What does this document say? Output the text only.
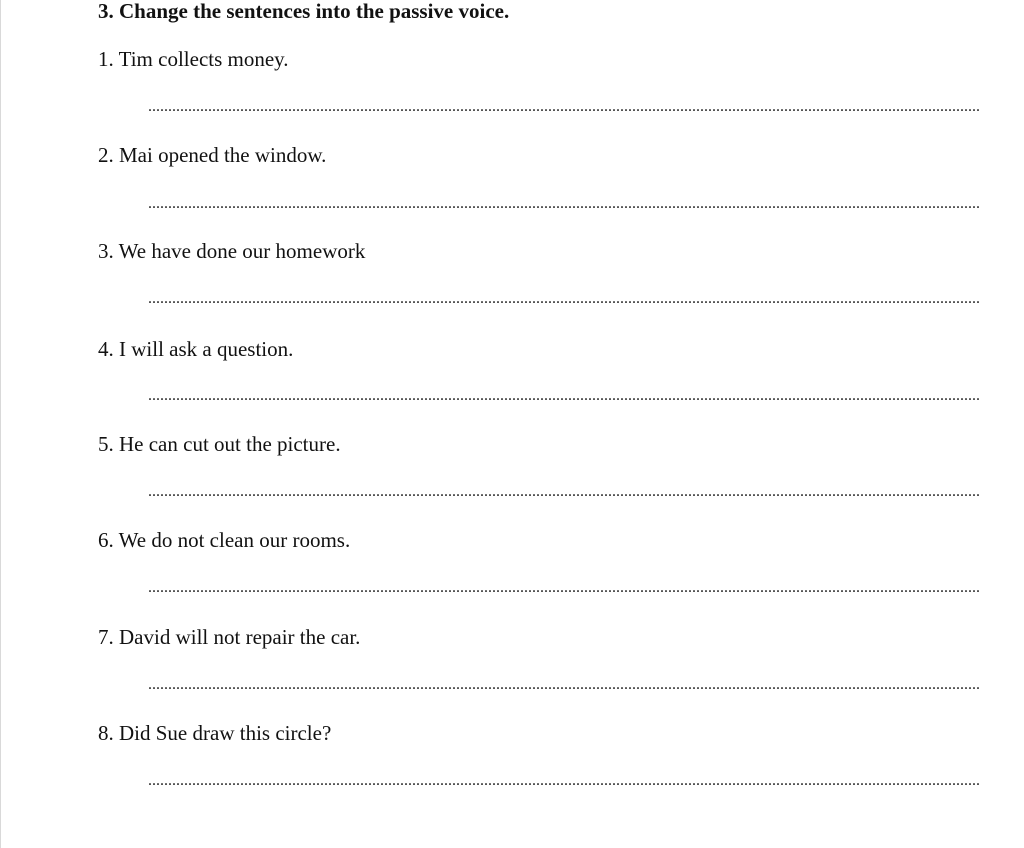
3. Change the sentences into the passive voice.

1. Tim collects money.

................................................................................................................................................................................................................

2. Mai opened the window.

................................................................................................................................................................................................................

3. We have done our homework

................................................................................................................................................................................................................

4. I will ask a question.

................................................................................................................................................................................................................

5. He can cut out the picture.

................................................................................................................................................................................................................

6. We do not clean our rooms.

................................................................................................................................................................................................................

7. David will not repair the car.

................................................................................................................................................................................................................

8. Did Sue draw this circle?

................................................................................................................................................................................................................
